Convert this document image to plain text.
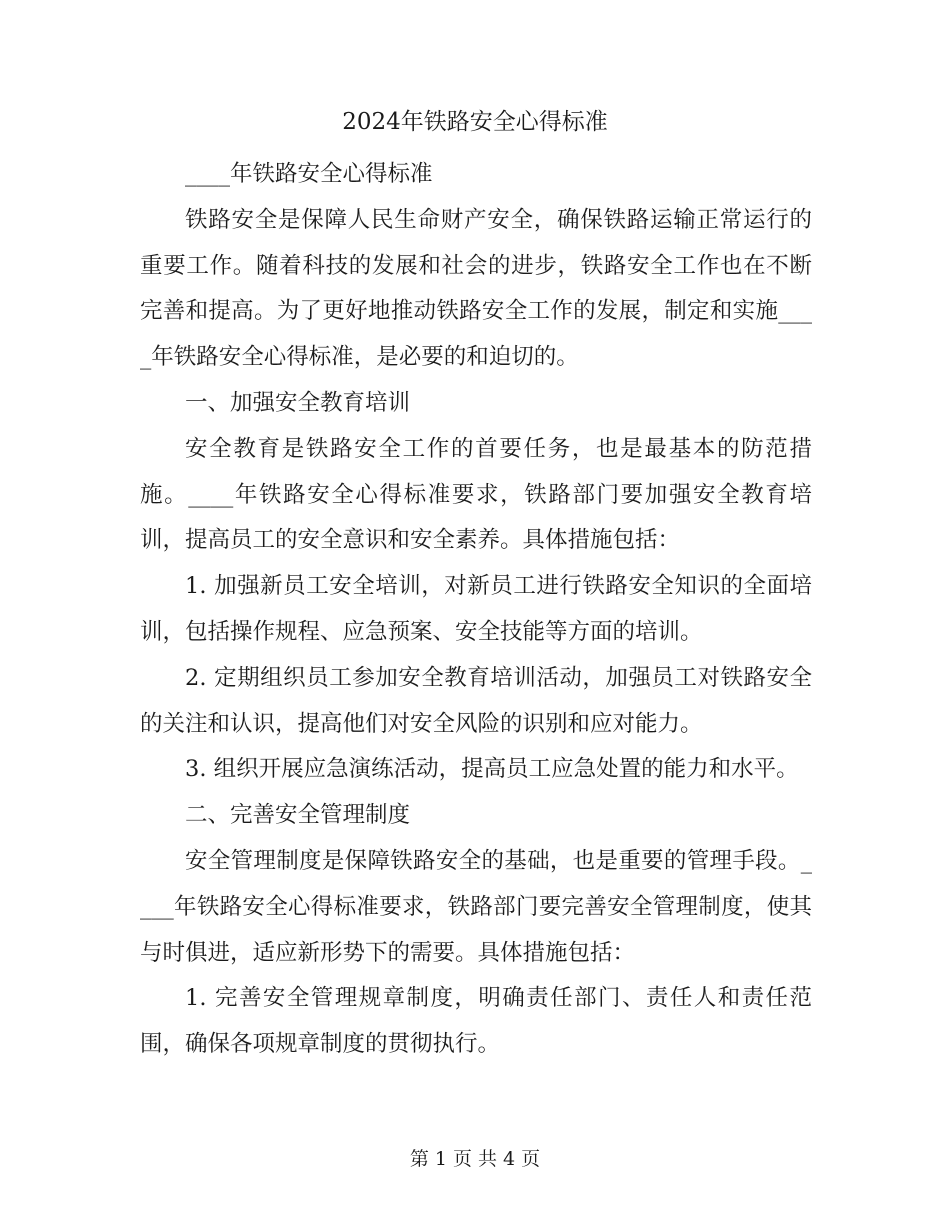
2024年铁路安全心得标准

____年铁路安全心得标准

铁路安全是保障人民生命财产安全，确保铁路运输正常运行的重要工作。随着科技的发展和社会的进步，铁路安全工作也在不断完善和提高。为了更好地推动铁路安全工作的发展，制定和实施____年铁路安全心得标准，是必要的和迫切的。

一、加强安全教育培训

安全教育是铁路安全工作的首要任务，也是最基本的防范措施。____年铁路安全心得标准要求，铁路部门要加强安全教育培训，提高员工的安全意识和安全素养。具体措施包括：

1. 加强新员工安全培训，对新员工进行铁路安全知识的全面培训，包括操作规程、应急预案、安全技能等方面的培训。

2. 定期组织员工参加安全教育培训活动，加强员工对铁路安全的关注和认识，提高他们对安全风险的识别和应对能力。

3. 组织开展应急演练活动，提高员工应急处置的能力和水平。

二、完善安全管理制度

安全管理制度是保障铁路安全的基础，也是重要的管理手段。____年铁路安全心得标准要求，铁路部门要完善安全管理制度，使其与时俱进，适应新形势下的需要。具体措施包括：

1. 完善安全管理规章制度，明确责任部门、责任人和责任范围，确保各项规章制度的贯彻执行。

第 1 页 共 4 页
